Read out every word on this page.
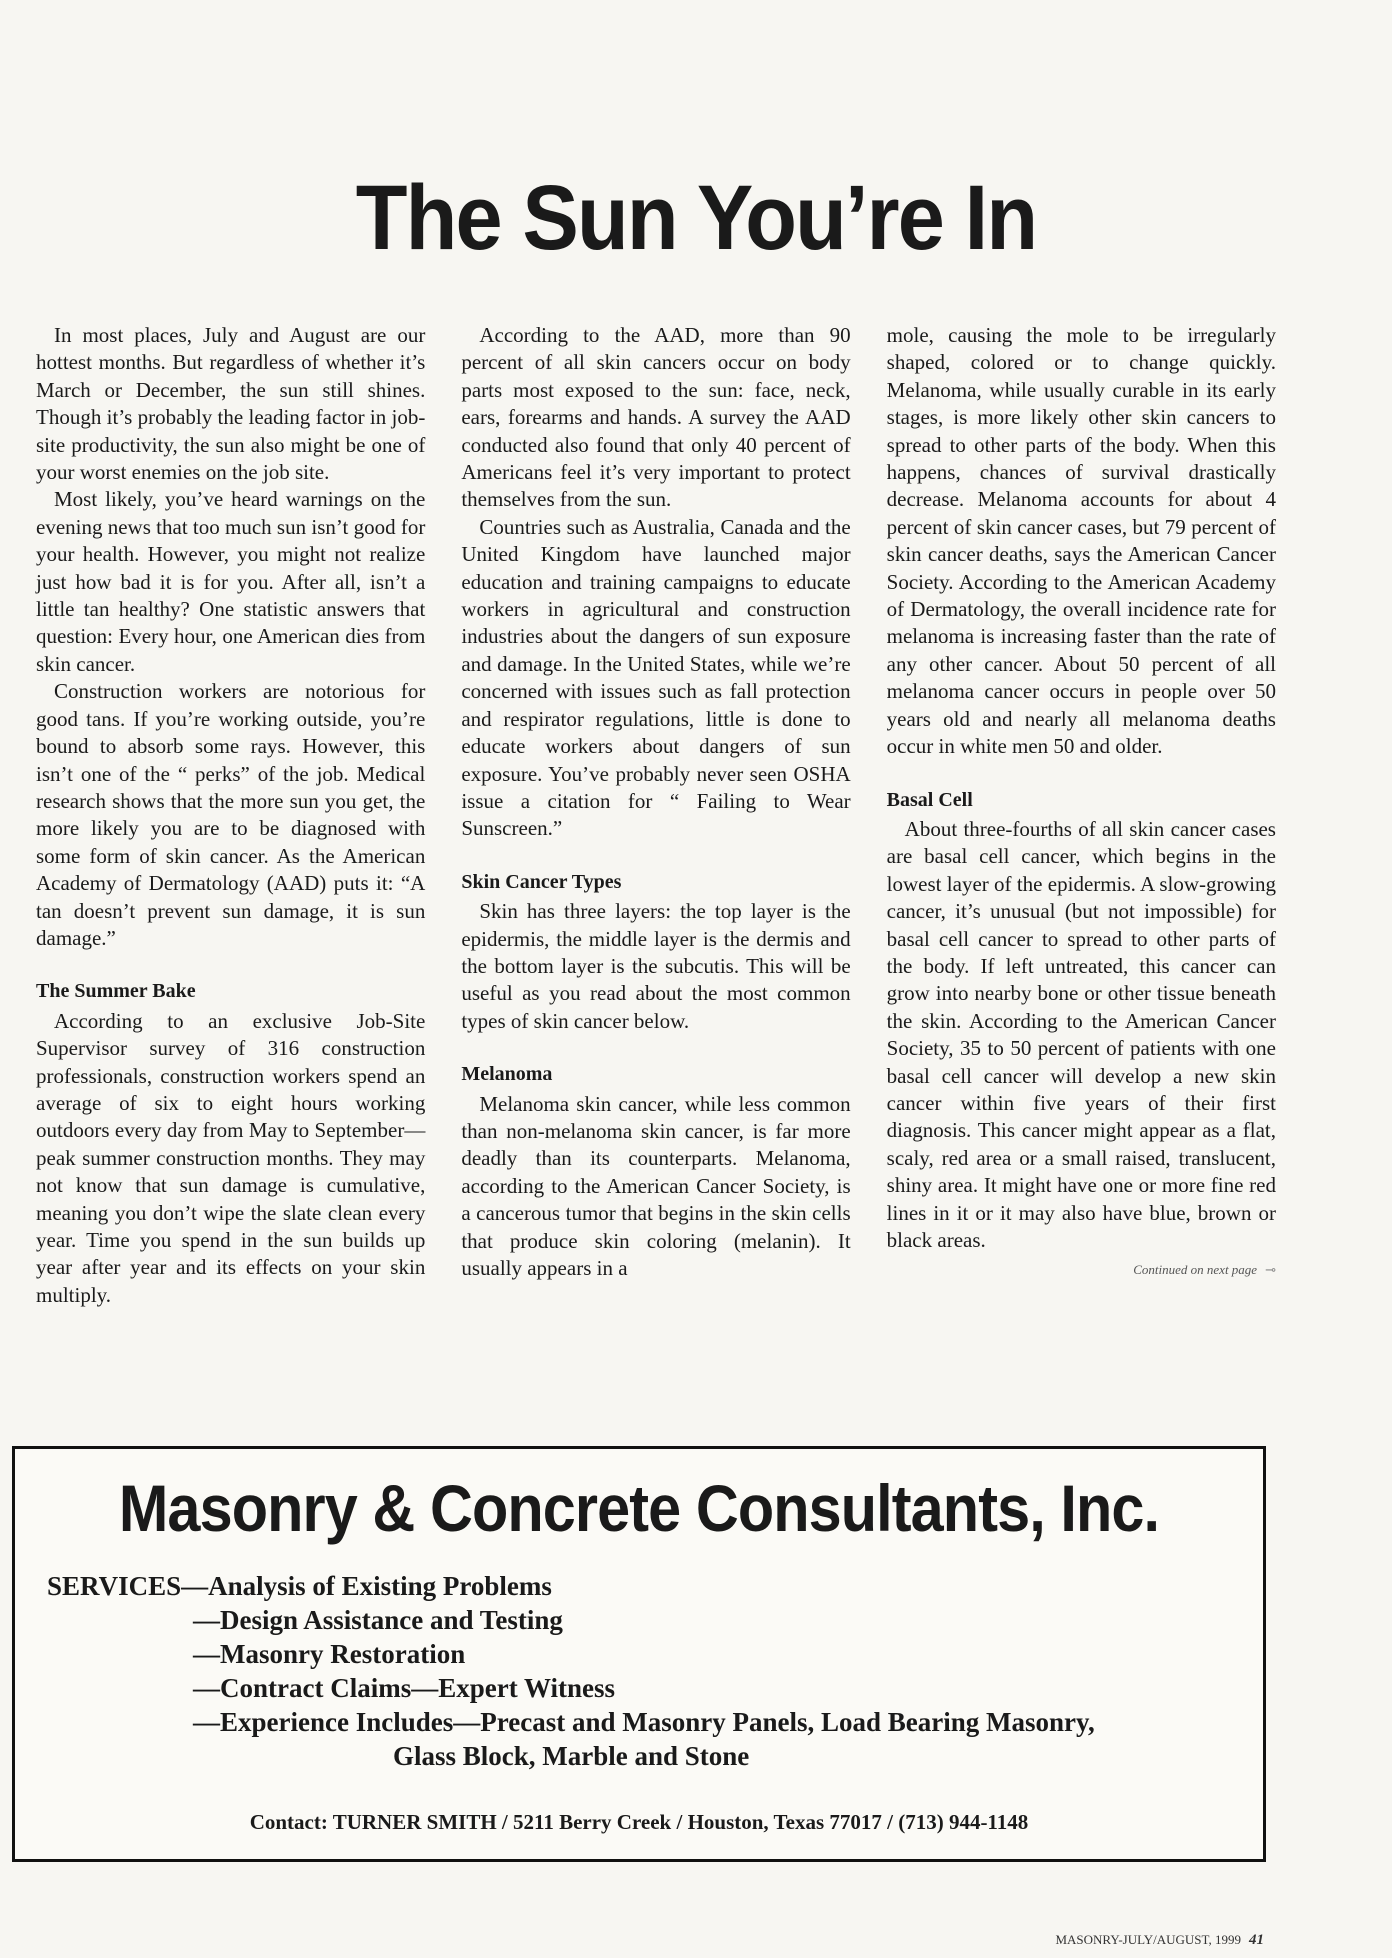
The Sun You’re In

In most places, July and August are our hottest months. But regardless of whether it’s March or December, the sun still shines. Though it’s probably the leading factor in job-site productivity, the sun also might be one of your worst enemies on the job site.

Most likely, you’ve heard warnings on the evening news that too much sun isn’t good for your health. However, you might not realize just how bad it is for you. After all, isn’t a little tan healthy? One statistic answers that question: Every hour, one American dies from skin cancer.

Construction workers are notorious for good tans. If you’re working outside, you’re bound to absorb some rays. However, this isn’t one of the “ perks” of the job. Medical research shows that the more sun you get, the more likely you are to be diagnosed with some form of skin cancer. As the American Academy of Dermatology (AAD) puts it: “A tan doesn’t prevent sun damage, it is sun damage.”

The Summer Bake

According to an exclusive Job-Site Supervisor survey of 316 construction professionals, construction workers spend an average of six to eight hours working outdoors every day from May to September—peak summer construction months. They may not know that sun damage is cumulative, meaning you don’t wipe the slate clean every year. Time you spend in the sun builds up year after year and its effects on your skin multiply.

According to the AAD, more than 90 percent of all skin cancers occur on body parts most exposed to the sun: face, neck, ears, forearms and hands. A survey the AAD conducted also found that only 40 percent of Americans feel it’s very important to protect themselves from the sun.

Countries such as Australia, Canada and the United Kingdom have launched major education and training campaigns to educate workers in agricultural and construction industries about the dangers of sun exposure and damage. In the United States, while we’re concerned with issues such as fall protection and respirator regulations, little is done to educate workers about dangers of sun exposure. You’ve probably never seen OSHA issue a citation for “ Failing to Wear Sunscreen.”

Skin Cancer Types

Skin has three layers: the top layer is the epidermis, the middle layer is the dermis and the bottom layer is the subcutis. This will be useful as you read about the most common types of skin cancer below.

Melanoma

Melanoma skin cancer, while less common than non-melanoma skin cancer, is far more deadly than its counterparts. Melanoma, according to the American Cancer Society, is a cancerous tumor that begins in the skin cells that produce skin coloring (melanin). It usually appears in a

mole, causing the mole to be irregularly shaped, colored or to change quickly. Melanoma, while usually curable in its early stages, is more likely other skin cancers to spread to other parts of the body. When this happens, chances of survival drastically decrease. Melanoma accounts for about 4 percent of skin cancer cases, but 79 percent of skin cancer deaths, says the American Cancer Society. According to the American Academy of Dermatology, the overall incidence rate for melanoma is increasing faster than the rate of any other cancer. About 50 percent of all melanoma cancer occurs in people over 50 years old and nearly all melanoma deaths occur in white men 50 and older.

Basal Cell

About three-fourths of all skin cancer cases are basal cell cancer, which begins in the lowest layer of the epidermis. A slow-growing cancer, it’s unusual (but not impossible) for basal cell cancer to spread to other parts of the body. If left untreated, this cancer can grow into nearby bone or other tissue beneath the skin. According to the American Cancer Society, 35 to 50 percent of patients with one basal cell cancer will develop a new skin cancer within five years of their first diagnosis. This cancer might appear as a flat, scaly, red area or a small raised, translucent, shiny area. It might have one or more fine red lines in it or it may also have blue, brown or black areas.

Continued on next page ⊸
Masonry & Concrete Consultants, Inc.
SERVICES—Analysis of Existing Problems
—Design Assistance and Testing
—Masonry Restoration
—Contract Claims—Expert Witness
—Experience Includes—Precast and Masonry Panels, Load Bearing Masonry,
Glass Block, Marble and Stone
Contact: TURNER SMITH / 5211 Berry Creek / Houston, Texas 77017 / (713) 944-1148
MASONRY-JULY/AUGUST, 1999 41
